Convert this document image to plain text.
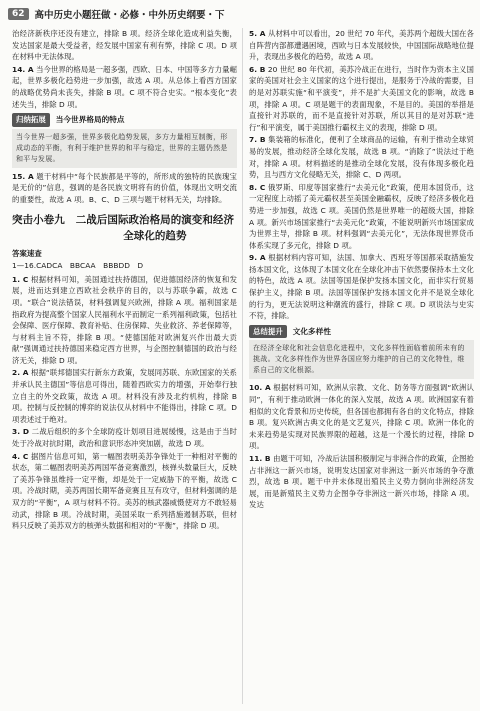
62	高中历史小题狂做・必修・中外历史纲要・下

治经济新秩序还没有建立，排除 B 项。经济全球化造成利益失衡，发达国家是最大受益者，经发展中国家有利有弊，排除 C 项。D 项在材料中无法体现。

14. A 当今世界的格局是一超多强，西欧、日本、中国等多方力量崛起，世界多极化趋势进一步加强，故选 A 项。从总体上看西方国家的战略优势尚未丧失，排除 B 项。C 项不符合史实。“根本变化”表述失当，排除 D 项。

归纳拓展	当今世界格局的特点
当今世界一超多强，世界多极化趋势发展，多方力量相互制衡，形成动态的平衡，有利于维护世界的和平与稳定，世界的主题仍然是和平与发展。

15. A 题干材料中“每个民族都是平等的，所形成的独特的民族瑰宝是无价的”信息，强调的是各民族文明将有的价值，体现出文明交流的重要性，故选 A 项。B、C、D 三项与题干材料无关，均排除。

突击小卷九 二战后国际政治格局的演变和经济全球化的趋势

答案速查

1—16.CADCA　BBCAA　BBBDD　D

1. C 根据材料可知，美国通过扶持德国，促进德国经济的恢复和发展，进而达到建立西欧社会秩序的目的，以与苏联争霸，故选 C 项。“联合”说法错误，材料强调复兴欧洲，排除 A 项。福利国家是指政府为提高整个国家人民福利水平而制定一系列福利政策，包括社会保障、医疗保障、教育补贴、住房保障、失业救济、养老保障等，与材料主旨不符，排除 B 项。“使德国能对欧洲复兴作出最大贡献”强调通过扶持德国来稳定西方世界，与企图控制德国的政治与经济无关，排除 D 项。

2. A 根据“联邦德国实行新东方政策，发展同苏联、东欧国家的关系并承认民主德国”等信息可得出，随着西欧实力的增强，开始奉行独立自主的外交政策，故选 A 项。材料没有涉及北约机构，排除 B 项。控制与反控制的博弈的说法仅从材料中不能得出，排除 C 项。D 项表述过于绝对。

3. D 二战后组织的多个全球防疫计划项目进展缓慢，这是由于当时处于冷战对抗时期，政治和意识形态冲突加剧，故选 D 项。

4. C 据图片信息可知，第一幅图表明美苏争锋处于一种相对平衡的状态，第二幅图表明美苏两国军备竞赛激烈，核弹头数量巨大，反映了美苏争锋虽维持一定平衡，却是处于一定威胁下的平衡，故选 C 项。冷战时期，美苏两国长期军备竞赛且互有攻守，但材料强调的是双方的“平衡”，A 项与材料不符。美苏的核武器威慑使对方不敢轻易动武，排除 B 项。冷战时期，美国采取一系列措施遏制苏联，但材料只反映了美苏双方的核弹头数据和相对的“平衡”，排除 D 项。

5. A 从材料中可以看出，20 世纪 70 年代，美苏两个超级大国在各自阵营内部都遭遇困境，西欧与日本发展较快，中国国际战略地位提升，表现出多极化的趋势，故选 A 项。

6. B 20 世纪 80 年代初，美苏冷战正在进行，当时作为资本主义国家的美国对社会主义国家的这个进行提出，是服务于冷战的需要，目的是对苏联实施“和平演变”，并不是扩大美国文化的影响，故选 B 项，排除 A 项。C 项是题干的表面现象，不是目的。美国的举措是直接针对苏联的，而不是直接针对苏联，所以其目的是对苏联“进行”和平演变，属于美国推行霸权主义的表现，排除 D 项。

7. B 集装箱的标准化，便利了全球商品的运输，有利于推动全球贸易的发展，推动经济全球化发展，故选 B 项。“消除了”说法过于绝对，排除 A 项。材料描述的是推动全球化发展，没有体现多极化趋势，且与西方文化侵略无关，排除 C、D 两项。

8. C 俄罗斯、印度等国家推行“去美元化”政策，使用本国货币，这一定程度上动摇了美元霸权甚至美国金融霸权，反映了经济多极化趋势进一步加强，故选 C 项。美国仍然是世界唯一的超级大国，排除 A 项。新兴市场国家推行“去美元化”政策，不能说明新兴市场国家成为世界主导，排除 B 项。材料强调“去美元化”，无法体现世界货币体系实现了多元化，排除 D 项。

9. A 根据材料内容可知，法国、加拿大、西班牙等国都采取措施发扬本国文化，这体现了本国文化在全球化冲击下依然要保持本土文化的特色，故选 A 项。法国等国是保护发扬本国文化，而非实行贸易保护主义，排除 B 项。法国等国保护发扬本国文化并不是说全球化的行为，更无法说明这种潮流的盛行，排除 C 项。D 项说法与史实不符，排除。

总结提升	文化多样性
在经济全球化和社会信息化进程中，文化多样性面临着前所未有的挑战。文化多样性作为世界各国应努力维护的自己的文化特性，维系自己的文化根源。

10. A 根据材料可知，欧洲从宗教、文化、防务等方面强调“欧洲认同”，有利于推动欧洲一体化的深入发展，故选 A 项。欧洲国家有着相似的文化背景和历史传统，但各国也都拥有各自的文化特点，排除 B 项。复兴欧洲古典文化的是文艺复兴，排除 C 项。欧洲一体化的未来趋势是实现对民族界限的超越，这是一个漫长的过程，排除 D 项。

11. B 由题干可知，冷战后法国积极制定与非洲合作的政策，企图抢占非洲这一新兴市场，说明发达国家对非洲这一新兴市场的争夺激烈，故选 B 项。题干中并未体现出殖民主义势力倒向非洲经济发展，而是新殖民主义势力企图争夺非洲这一新兴市场，排除 A 项。发达
